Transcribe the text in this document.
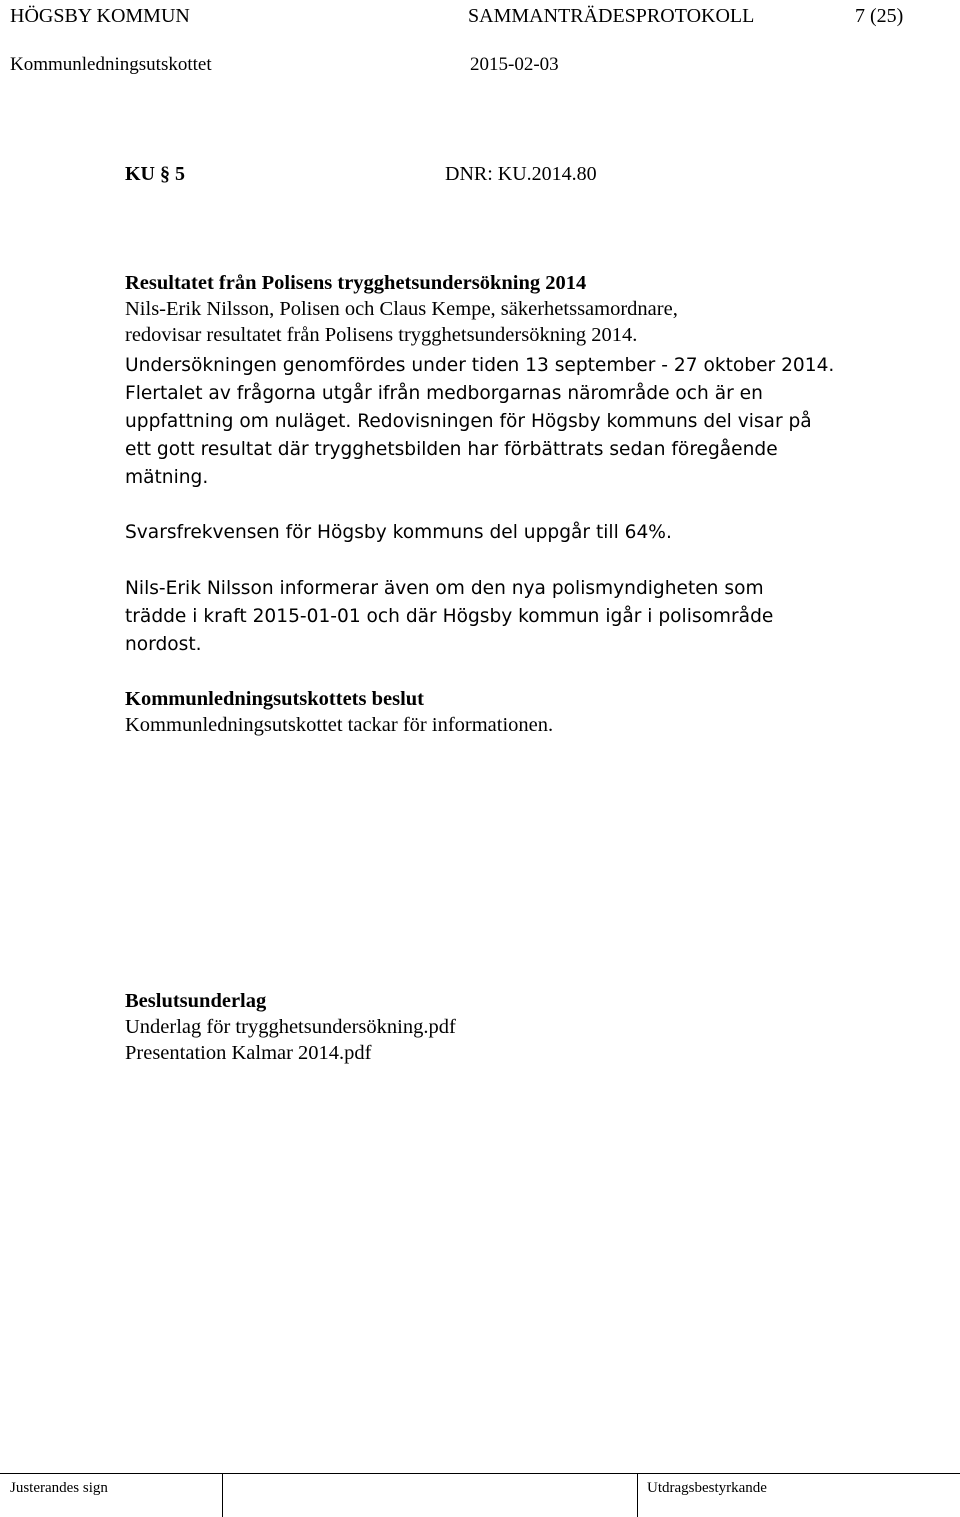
HÖGSBY KOMMUN	SAMMANTRÄDESPROTOKOLL	7 (25)
Kommunledningsutskottet	2015-02-03
KU § 5	DNR: KU.2014.80
Resultatet från Polisens trygghetsundersökning 2014
Nils-Erik Nilsson, Polisen och Claus Kempe, säkerhetssamordnare,
redovisar resultatet från Polisens trygghetsundersökning 2014.
Undersökningen genomfördes under tiden 13 september - 27 oktober 2014.
Flertalet av frågorna utgår ifrån medborgarnas närområde och är en
uppfattning om nuläget. Redovisningen för Högsby kommuns del visar på
ett gott resultat där trygghetsbilden har förbättrats sedan föregående
mätning.
Svarsfrekvensen för Högsby kommuns del uppgår till 64%.
Nils-Erik Nilsson informerar även om den nya polismyndigheten som
trädde i kraft 2015-01-01 och där Högsby kommun igår i polisområde
nordost.
Kommunledningsutskottets beslut
Kommunledningsutskottet tackar för informationen.
Beslutsunderlag
Underlag för trygghetsundersökning.pdf
Presentation Kalmar 2014.pdf
Justerandes sign	Utdragsbestyrkande
